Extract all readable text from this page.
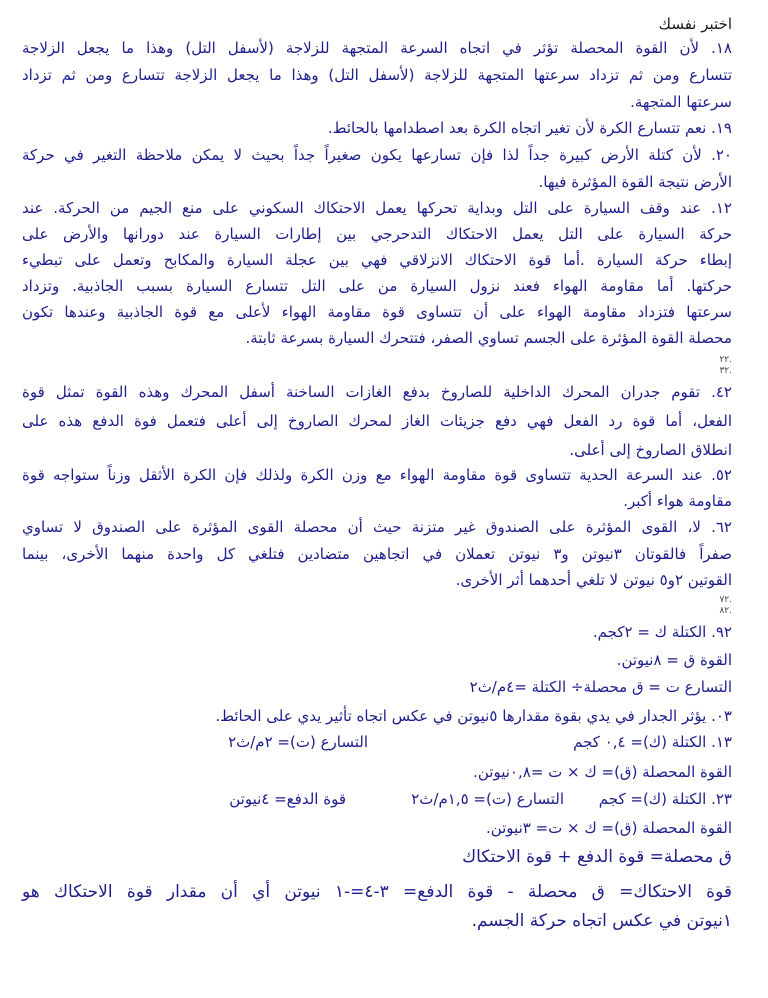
اختبر نفسك
١٨. لأن القوة المحصلة تؤثر في اتجاه السرعة المتجهة للزلاجة (لأسفل التل) وهذا ما يجعل الزلاجة
تتسارع ومن ثم تزداد سرعتها المتجهة للزلاجة (لأسفل التل) وهذا ما يجعل الزلاجة تتسارع ومن ثم تزداد
سرعتها المتجهة.
١٩. نعم تتسارع الكرة لأن تغير اتجاه الكرة بعد اصطدامها بالحائط.
٢٠. لأن كتلة الأرض كبيرة جداً لذا فإن تسارعها يكون صغيراً جداً بحيث لا يمكن ملاحظة التغير في حركة
الأرض نتيجة القوة المؤثرة فيها.
١٢. عند وقف السيارة على التل وبداية تحركها يعمل الاحتكاك السكوني على منع الجيم من الحركة. عند
حركة السيارة على التل يعمل الاحتكاك التدحرجي بين إطارات السيارة عند دورانها والأرض على
إبطاء حركة السيارة .أما قوة الاحتكاك الانزلاقي فهي بين عجلة السيارة والمكابح وتعمل على تبطيء
حركتها. أما مقاومة الهواء فعند نزول السيارة من على التل تتسارع السيارة بسبب الجاذبية. وتزداد
سرعتها فتزداد مقاومة الهواء على أن تتساوى قوة مقاومة الهواء لأعلى مع قوة الجاذبية وعندها تكون
محصلة القوة المؤثرة على الجسم تساوي الصفر، فتتحرك السيارة بسرعة ثابتة.
.٢٢
.٣٢
٤٢. تقوم جدران المحرك الداخلية للصاروخ بدفع الغازات الساخنة أسفل المحرك وهذه القوة تمثل قوة
الفعل، أما قوة رد الفعل فهي دفع جزيئات الغاز لمحرك الصاروخ إلى أعلى فتعمل فوة الدفع هذه على
انطلاق الصاروخ إلى أعلى.
٥٢. عند السرعة الحدية تتساوى قوة مقاومة الهواء مع وزن الكرة ولذلك فإن الكرة الأثقل وزناً ستواجه قوة
مقاومة هواء أكبر.
٦٢. لا، القوى المؤثرة على الصندوق غير متزنة حيث أن محصلة القوى المؤثرة على الصندوق لا تساوي
صفراً فالقوتان ٣نيوتن و٣ نيوتن تعملان في اتجاهين متضادين فتلغي كل واحدة منهما الأخرى، بينما
القوتين ٢و٥ نيوتن لا تلغي أحدهما أثر الأخرى.
.٧٢
.٨٢
٩٢. الكتلة ك = ٢كجم.
القوة ق = ٨نيوتن.
التسارع ت = ق محصلة÷ الكتلة =٤م/ث٢
٠٣. يؤثر الجدار في يدي بقوة مقدارها ٥نيوتن في عكس اتجاه تأثير يدي على الحائط.
١٣. الكتلة (ك)= ٠,٤ كجم
التسارع (ت)= ٢م/ث٢
القوة المحصلة (ق)= ك × ت =٠,٨نيوتن.
٢٣. الكتلة (ك)= كجم
التسارع (ت)= ١,٥م/ث٢
قوة الدفع= ٤نيوتن
القوة المحصلة (ق)= ك × ت= ٣نيوتن.
ق محصلة= قوة الدفع + قوة الاحتكاك
قوة الاحتكاك= ق محصلة - قوة الدفع= ٣-٤=-١ نيوتن أي أن مقدار قوة الاحتكاك هو
١نيوتن في عكس اتجاه حركة الجسم.
